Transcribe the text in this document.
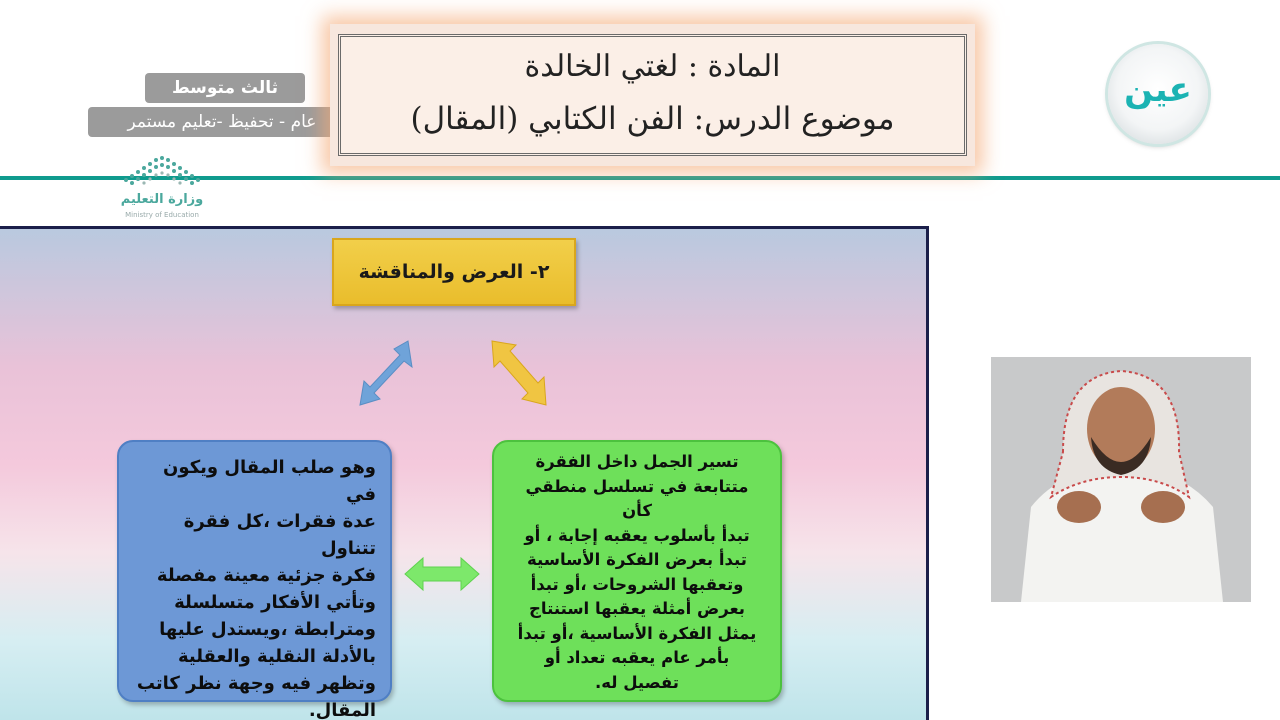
ثالث متوسط
عام - تحفيظ -تعليم مستمر
وزارة التعليم
Ministry of Education
المادة : لغتي الخالدة
موضوع الدرس: الفن الكتابي (المقال)
عين
٢- العرض والمناقشة
وهو صلب المقال ويكون في
عدة فقرات ،كل فقرة تتناول
فكرة جزئية معينة مفصلة
وتأتي الأفكار متسلسلة
ومترابطة ،ويستدل عليها
بالأدلة النقلية والعقلية
وتظهر فيه وجهة نظر كاتب
المقال.
تسير الجمل داخل الفقرة
متتابعة في تسلسل منطقي كأن
تبدأ بأسلوب يعقبه إجابة ، أو
تبدأ بعرض الفكرة الأساسية
وتعقبها الشروحات ،أو تبدأ
بعرض أمثلة يعقبها استنتاج
يمثل الفكرة الأساسية ،أو تبدأ
بأمر عام يعقبه تعداد أو
تفصيل له.
